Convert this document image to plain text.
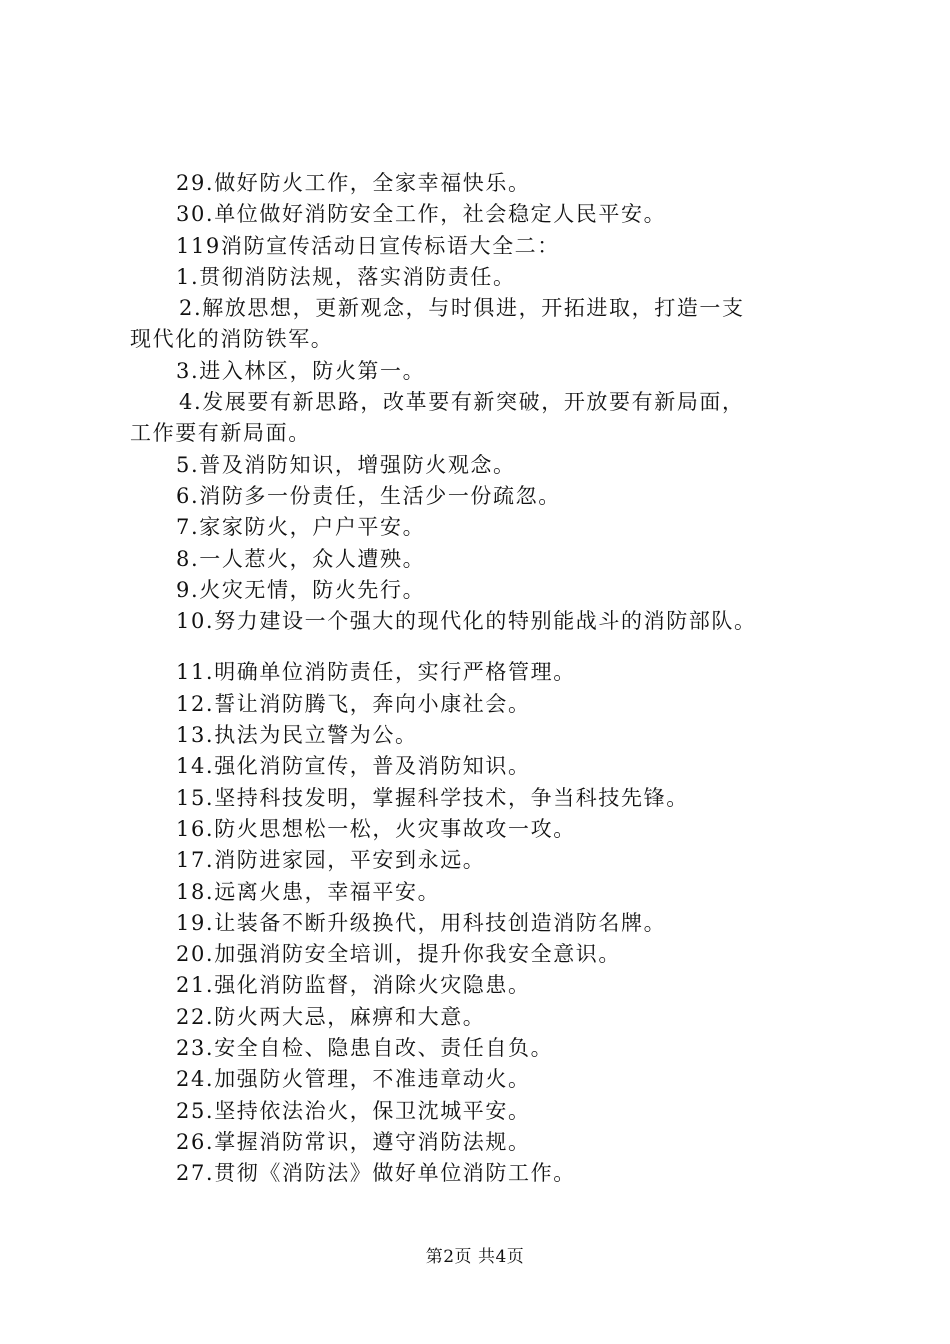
29.做好防火工作，全家幸福快乐。
30.单位做好消防安全工作，社会稳定人民平安。
119消防宣传活动日宣传标语大全二：
1.贯彻消防法规，落实消防责任。
2.解放思想，更新观念，与时俱进，开拓进取，打造一支
现代化的消防铁军。
3.进入林区，防火第一。
4.发展要有新思路，改革要有新突破，开放要有新局面，
工作要有新局面。
5.普及消防知识，增强防火观念。
6.消防多一份责任，生活少一份疏忽。
7.家家防火，户户平安。
8.一人惹火，众人遭殃。
9.火灾无情，防火先行。
10.努力建设一个强大的现代化的特别能战斗的消防部队。
11.明确单位消防责任，实行严格管理。
12.誓让消防腾飞，奔向小康社会。
13.执法为民立警为公。
14.强化消防宣传，普及消防知识。
15.坚持科技发明，掌握科学技术，争当科技先锋。
16.防火思想松一松，火灾事故攻一攻。
17.消防进家园，平安到永远。
18.远离火患，幸福平安。
19.让装备不断升级换代，用科技创造消防名牌。
20.加强消防安全培训，提升你我安全意识。
21.强化消防监督，消除火灾隐患。
22.防火两大忌，麻痹和大意。
23.安全自检、隐患自改、责任自负。
24.加强防火管理，不准违章动火。
25.坚持依法治火，保卫沈城平安。
26.掌握消防常识，遵守消防法规。
27.贯彻《消防法》做好单位消防工作。
第2页 共4页
